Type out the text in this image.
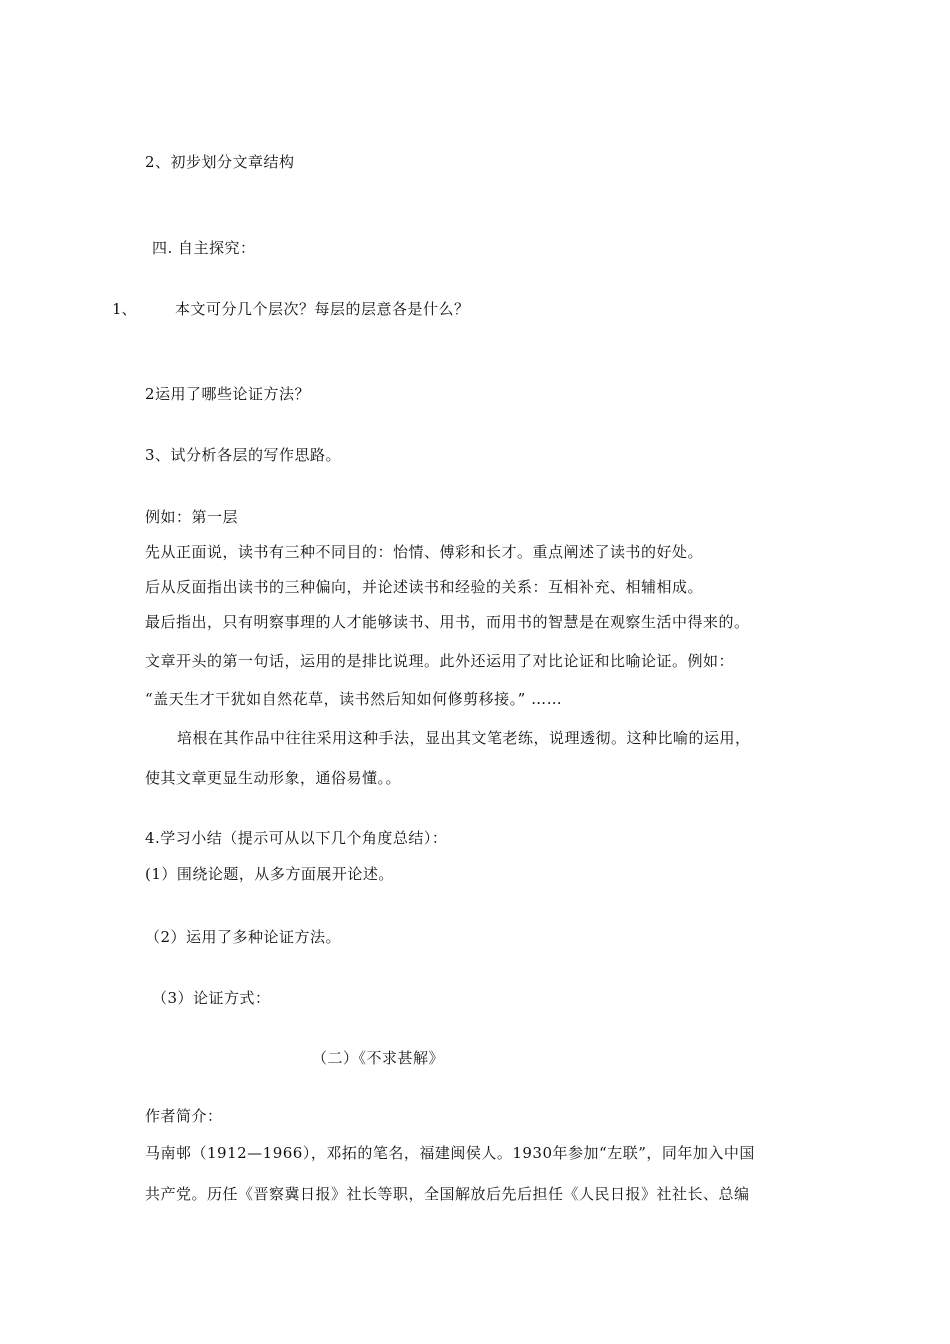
2、初步划分文章结构
四. 自主探究：
1、	本文可分几个层次？每层的层意各是什么？
2运用了哪些论证方法？
3、试分析各层的写作思路。
例如：第一层
先从正面说，读书有三种不同目的：怡情、傅彩和长才。重点阐述了读书的好处。
后从反面指出读书的三种偏向，并论述读书和经验的关系：互相补充、相辅相成。
最后指出，只有明察事理的人才能够读书、用书，而用书的智慧是在观察生活中得来的。
文章开头的第一句话，运用的是排比说理。此外还运用了对比论证和比喻论证。例如：
“盖天生才干犹如自然花草，读书然后知如何修剪移接。” ……
培根在其作品中往往采用这种手法，显出其文笔老练，说理透彻。这种比喻的运用，
使其文章更显生动形象，通俗易懂。。
4.学习小结（提示可从以下几个角度总结）：
(1）围绕论题，从多方面展开论述。
（2）运用了多种论证方法。
（3）论证方式：
（二）《不求甚解》
作者简介：
马南邨（1912—1966），邓拓的笔名，福建闽侯人。1930年参加“左联”，同年加入中国
共产党。历任《晋察冀日报》社长等职，全国解放后先后担任《人民日报》社社长、总编
